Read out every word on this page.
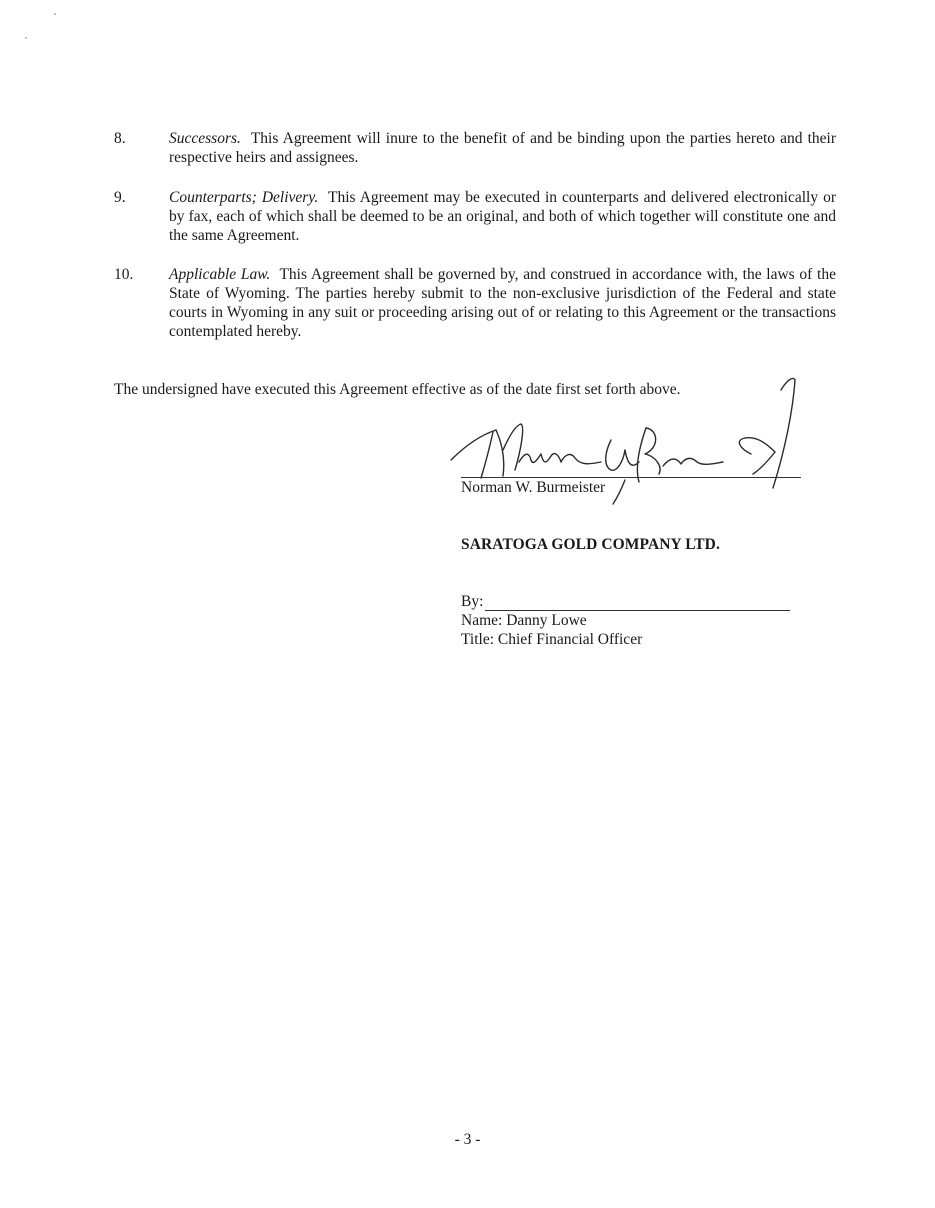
8.	Successors. This Agreement will inure to the benefit of and be binding upon the parties hereto and their respective heirs and assignees.
9.	Counterparts; Delivery. This Agreement may be executed in counterparts and delivered electronically or by fax, each of which shall be deemed to be an original, and both of which together will constitute one and the same Agreement.
10. Applicable Law. This Agreement shall be governed by, and construed in accordance with, the laws of the State of Wyoming. The parties hereby submit to the non-exclusive jurisdiction of the Federal and state courts in Wyoming in any suit or proceeding arising out of or relating to this Agreement or the transactions contemplated hereby.
The undersigned have executed this Agreement effective as of the date first set forth above.
Norman W. Burmeister
SARATOGA GOLD COMPANY LTD.
By:
Name: Danny Lowe
Title: Chief Financial Officer
- 3 -
